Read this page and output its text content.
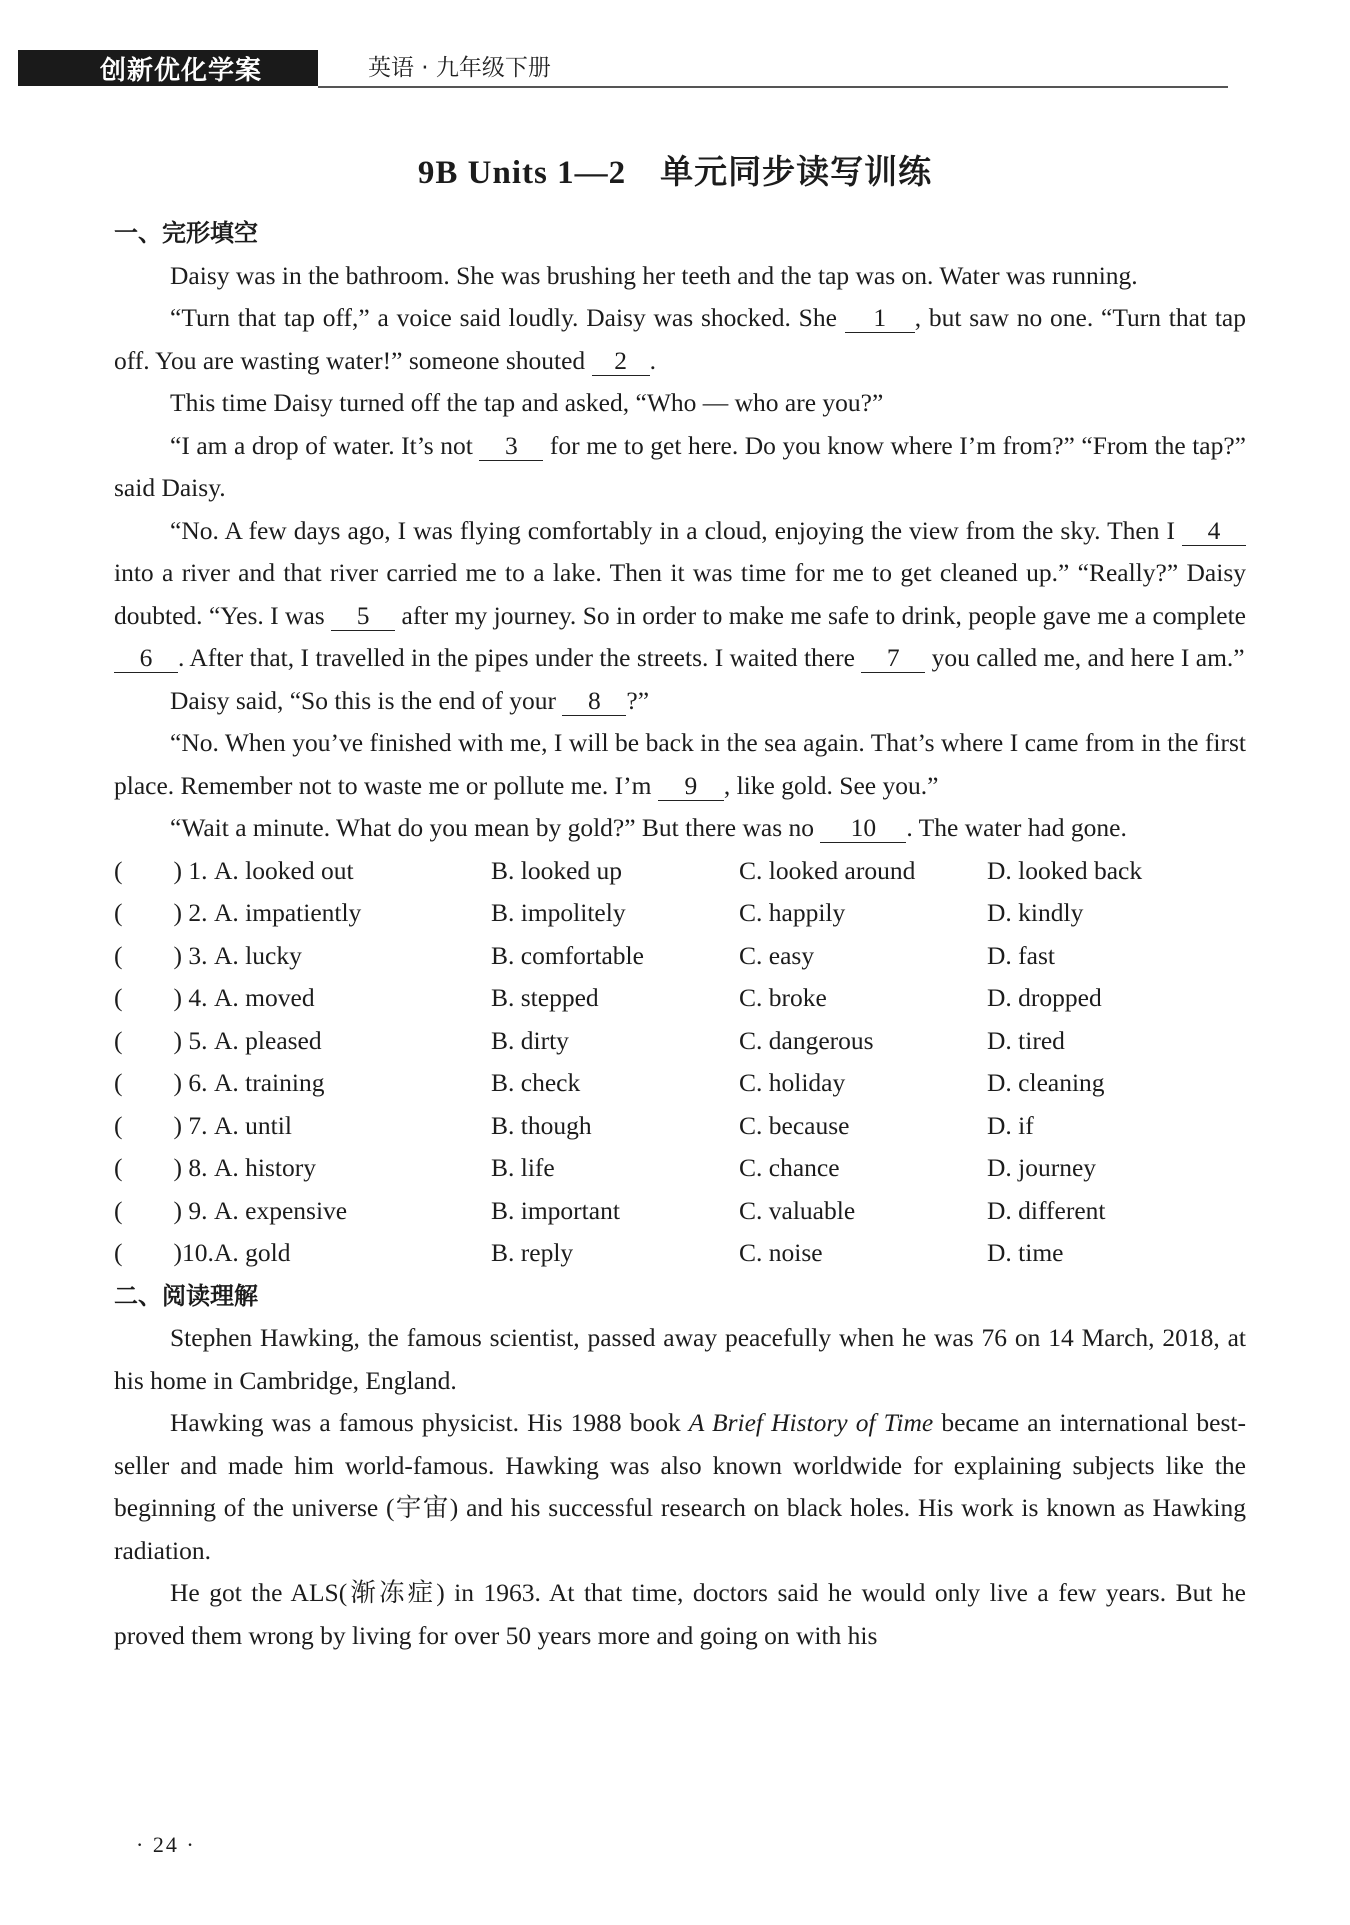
创新优化学案	英语 · 九年级下册
9B Units 1—2　单元同步读写训练
一、完形填空

Daisy was in the bathroom. She was brushing her teeth and the tap was on. Water was running.

“Turn that tap off,” a voice said loudly. Daisy was shocked. She 1 , but saw no one. “Turn that tap off. You are wasting water!” someone shouted 2 .

This time Daisy turned off the tap and asked, “Who — who are you?”

“I am a drop of water. It’s not 3 for me to get here. Do you know where I’m from?” “From the tap?” said Daisy.

“No. A few days ago, I was flying comfortably in a cloud, enjoying the view from the sky. Then I 4 into a river and that river carried me to a lake. Then it was time for me to get cleaned up.” “Really?” Daisy doubted. “Yes. I was 5 after my journey. So in order to make me safe to drink, people gave me a complete 6 . After that, I travelled in the pipes under the streets. I waited there 7 you called me, and here I am.”

Daisy said, “So this is the end of your 8 ?”

“No. When you’ve finished with me, I will be back in the sea again. That’s where I came from in the first place. Remember not to waste me or pollute me. I’m 9 , like gold. See you.”

“Wait a minute. What do you mean by gold?” But there was no 10 . The water had gone.

(　　) 1. A. looked out	B. looked up	C. looked around	D. looked back
(　　) 2. A. impatiently	B. impolitely	C. happily	D. kindly
(　　) 3. A. lucky	B. comfortable	C. easy	D. fast
(　　) 4. A. moved	B. stepped	C. broke	D. dropped
(　　) 5. A. pleased	B. dirty	C. dangerous	D. tired
(　　) 6. A. training	B. check	C. holiday	D. cleaning
(　　) 7. A. until	B. though	C. because	D. if
(　　) 8. A. history	B. life	C. chance	D. journey
(　　) 9. A. expensive	B. important	C. valuable	D. different
(　　)10. A. gold	B. reply	C. noise	D. time
二、阅读理解

Stephen Hawking, the famous scientist, passed away peacefully when he was 76 on 14 March, 2018, at his home in Cambridge, England.

Hawking was a famous physicist. His 1988 book A Brief History of Time became an international best-seller and made him world-famous. Hawking was also known worldwide for explaining subjects like the beginning of the universe (宇宙) and his successful research on black holes. His work is known as Hawking radiation.

He got the ALS(渐冻症) in 1963. At that time, doctors said he would only live a few years. But he proved them wrong by living for over 50 years more and going on with his

· 24 ·
